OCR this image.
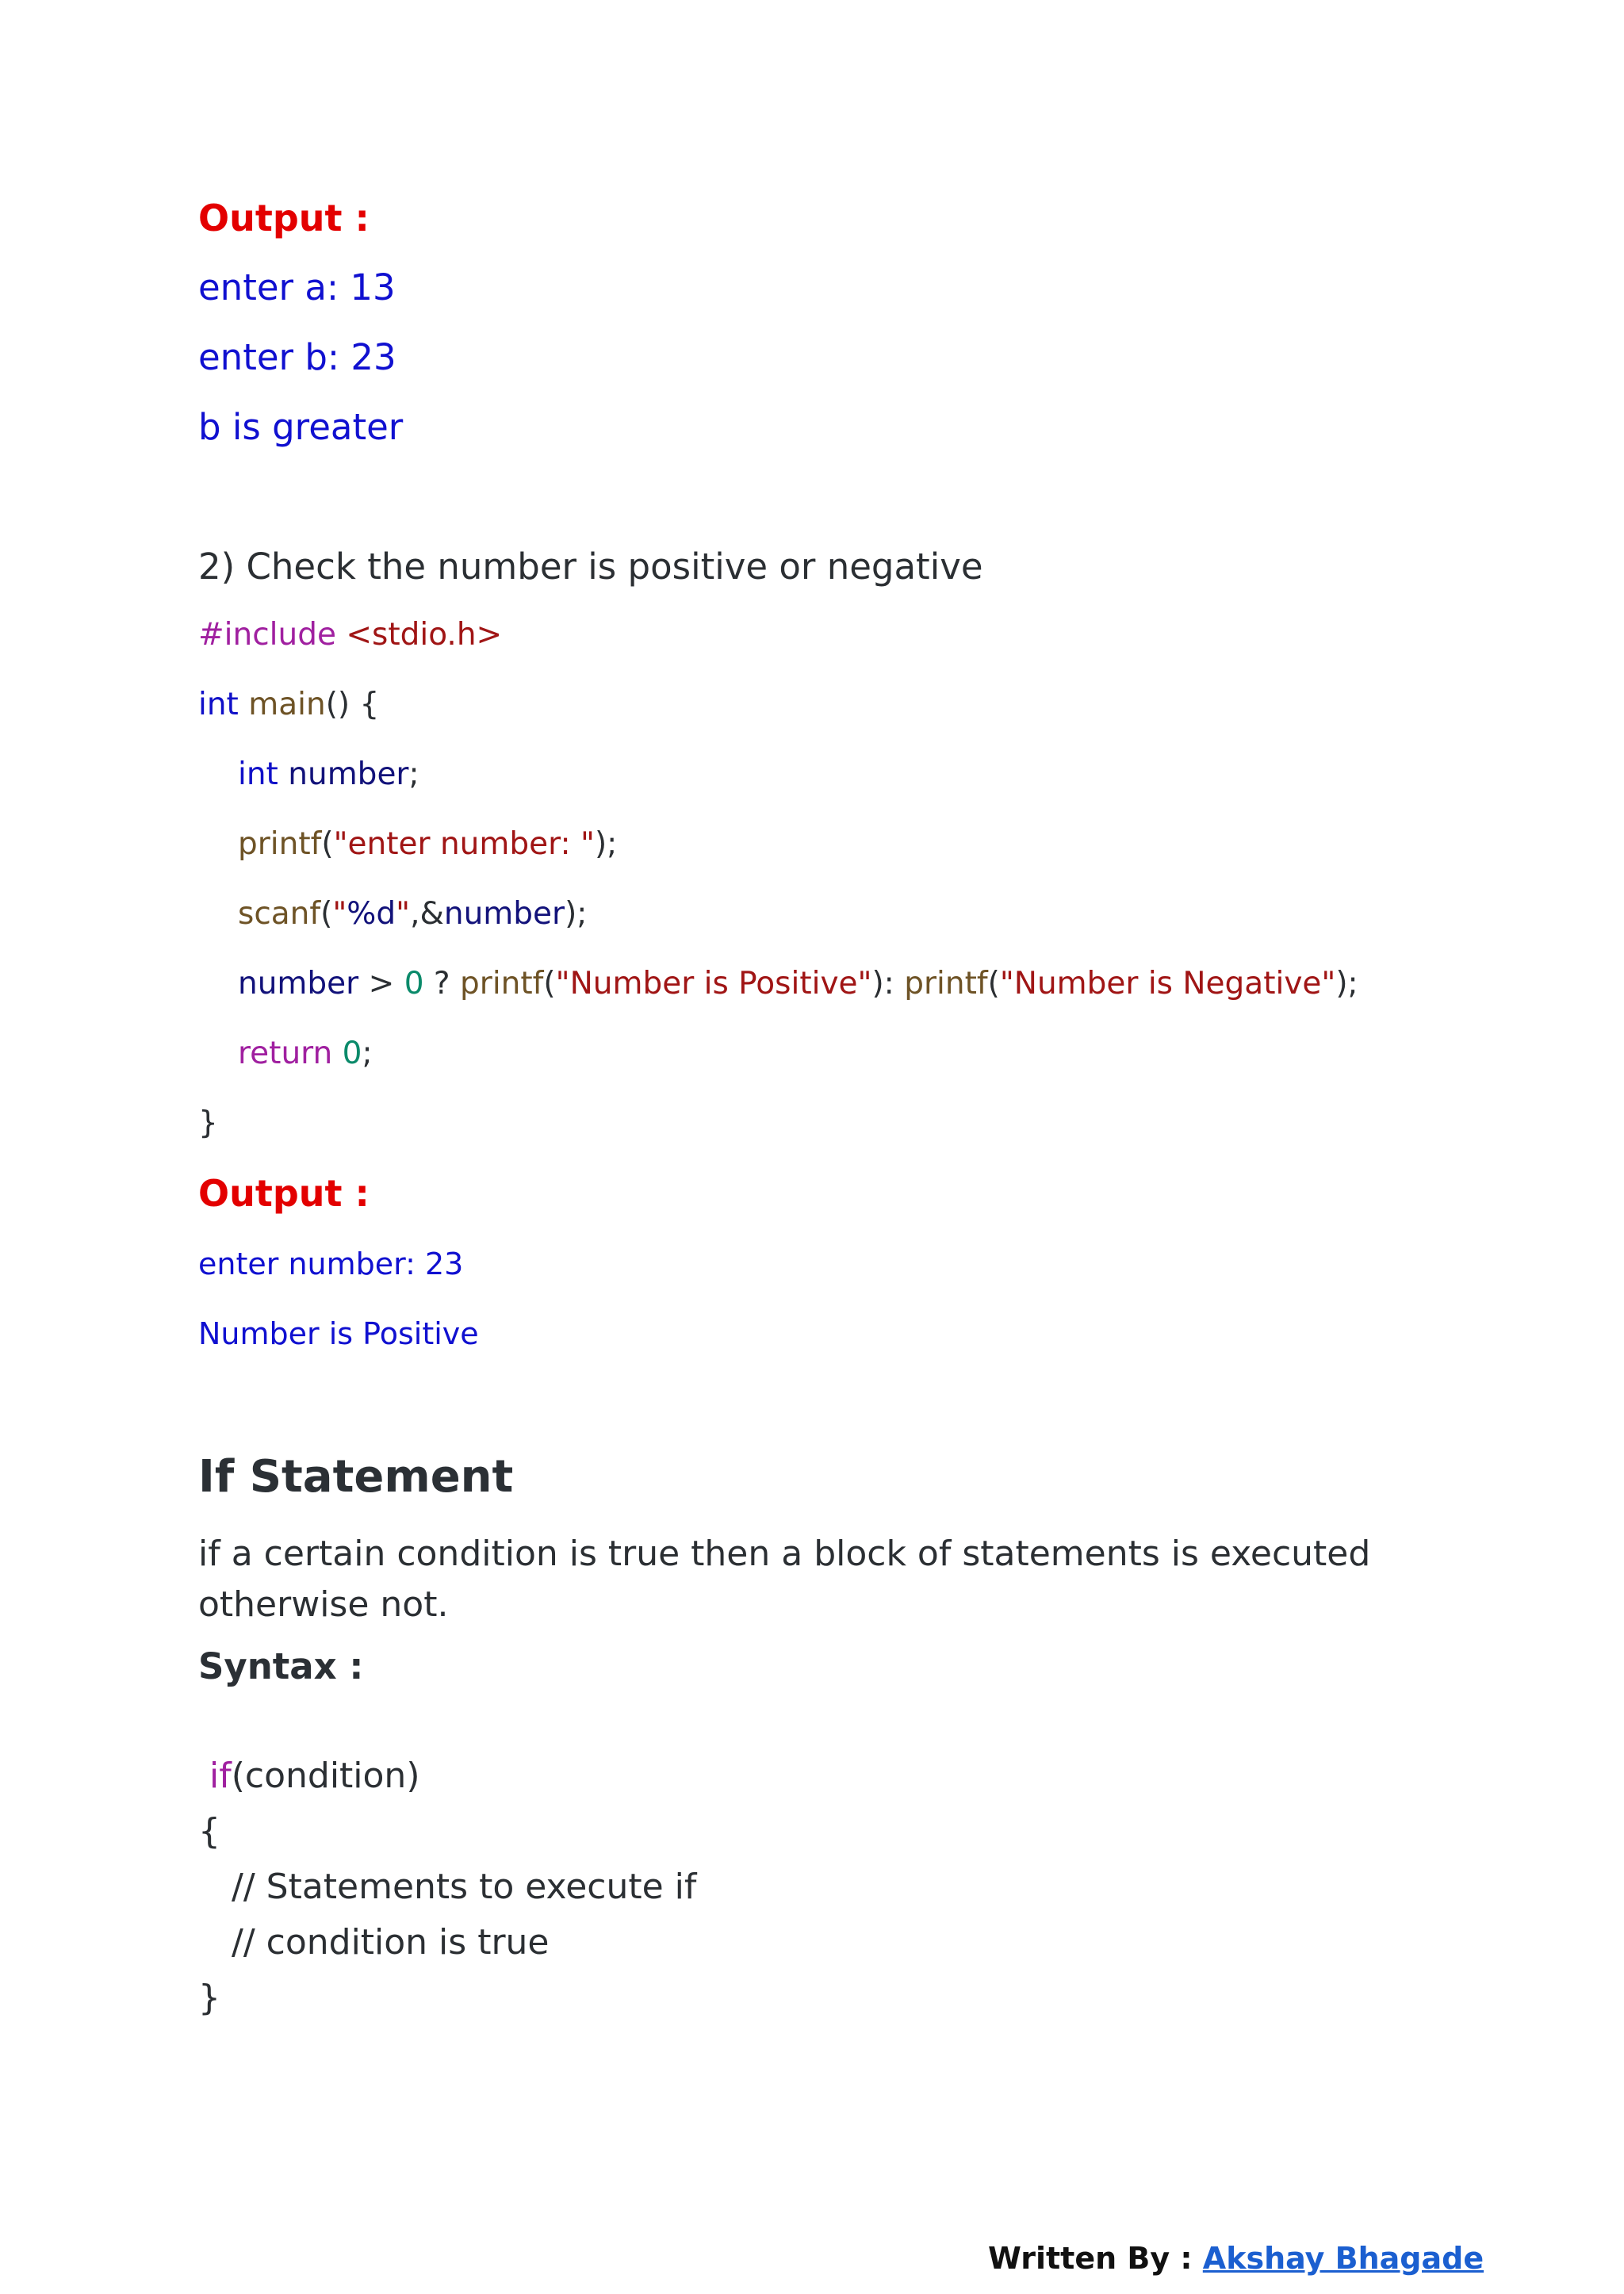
Output :
enter a: 13
enter b: 23
b is greater
2) Check the number is positive or negative
#include <stdio.h>
int main() {
int number;
printf("enter number: ");
scanf("%d",&number);
number > 0 ? printf("Number is Positive"): printf("Number is Negative");
return 0;
}
Output :
enter number: 23
Number is Positive
If Statement
if a certain condition is true then a block of statements is executed otherwise not.
Syntax :
if(condition)
{
// Statements to execute if
// condition is true
}
Written By : Akshay Bhagade
